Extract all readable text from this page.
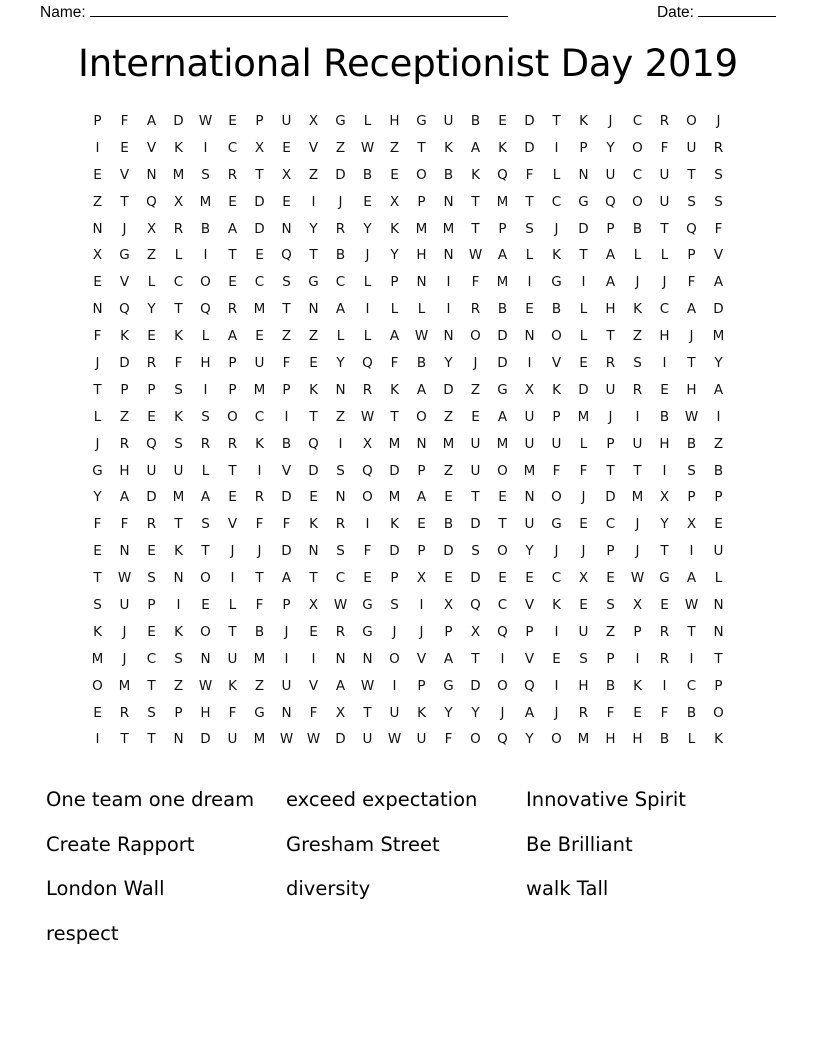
Name:	Date:
International Receptionist Day 2019
P	F	A	D	W	E	P	U	X	G	L	H	G	U	B	E	D	T	K	J	C	R	O	J
I	E	V	K	I	C	X	E	V	Z	W	Z	T	K	A	K	D	I	P	Y	O	F	U	R
E	V	N	M	S	R	T	X	Z	D	B	E	O	B	K	Q	F	L	N	U	C	U	T	S
Z	T	Q	X	M	E	D	E	I	J	E	X	P	N	T	M	T	C	G	Q	O	U	S	S
N	J	X	R	B	A	D	N	Y	R	Y	K	M	M	T	P	S	J	D	P	B	T	Q	F
X	G	Z	L	I	T	E	Q	T	B	J	Y	H	N	W	A	L	K	T	A	L	L	P	V
E	V	L	C	O	E	C	S	G	C	L	P	N	I	F	M	I	G	I	A	J	J	F	A
N	Q	Y	T	Q	R	M	T	N	A	I	L	L	I	R	B	E	B	L	H	K	C	A	D
F	K	E	K	L	A	E	Z	Z	L	L	A	W	N	O	D	N	O	L	T	Z	H	J	M
J	D	R	F	H	P	U	F	E	Y	Q	F	B	Y	J	D	I	V	E	R	S	I	T	Y
T	P	P	S	I	P	M	P	K	N	R	K	A	D	Z	G	X	K	D	U	R	E	H	A
L	Z	E	K	S	O	C	I	T	Z	W	T	O	Z	E	A	U	P	M	J	I	B	W	I
J	R	Q	S	R	R	K	B	Q	I	X	M	N	M	U	M	U	U	L	P	U	H	B	Z
G	H	U	U	L	T	I	V	D	S	Q	D	P	Z	U	O	M	F	F	T	T	I	S	B
Y	A	D	M	A	E	R	D	E	N	O	M	A	E	T	E	N	O	J	D	M	X	P	P
F	F	R	T	S	V	F	F	K	R	I	K	E	B	D	T	U	G	E	C	J	Y	X	E
E	N	E	K	T	J	J	D	N	S	F	D	P	D	S	O	Y	J	J	P	J	T	I	U
T	W	S	N	O	I	T	A	T	C	E	P	X	E	D	E	E	C	X	E	W	G	A	L
S	U	P	I	E	L	F	P	X	W	G	S	I	X	Q	C	V	K	E	S	X	E	W	N
K	J	E	K	O	T	B	J	E	R	G	J	J	P	X	Q	P	I	U	Z	P	R	T	N
M	J	C	S	N	U	M	I	I	N	N	O	V	A	T	I	V	E	S	P	I	R	I	T
O	M	T	Z	W	K	Z	U	V	A	W	I	P	G	D	O	Q	I	H	B	K	I	C	P
E	R	S	P	H	F	G	N	F	X	T	U	K	Y	Y	J	A	J	R	F	E	F	B	O
I	T	T	N	D	U	M	W	W	D	U	W	U	F	O	Q	Y	O	M	H	H	B	L	K
One team one dream	exceed expectation	Innovative Spirit
Create Rapport	Gresham Street	Be Brilliant
London Wall	diversity	walk Tall
respect
